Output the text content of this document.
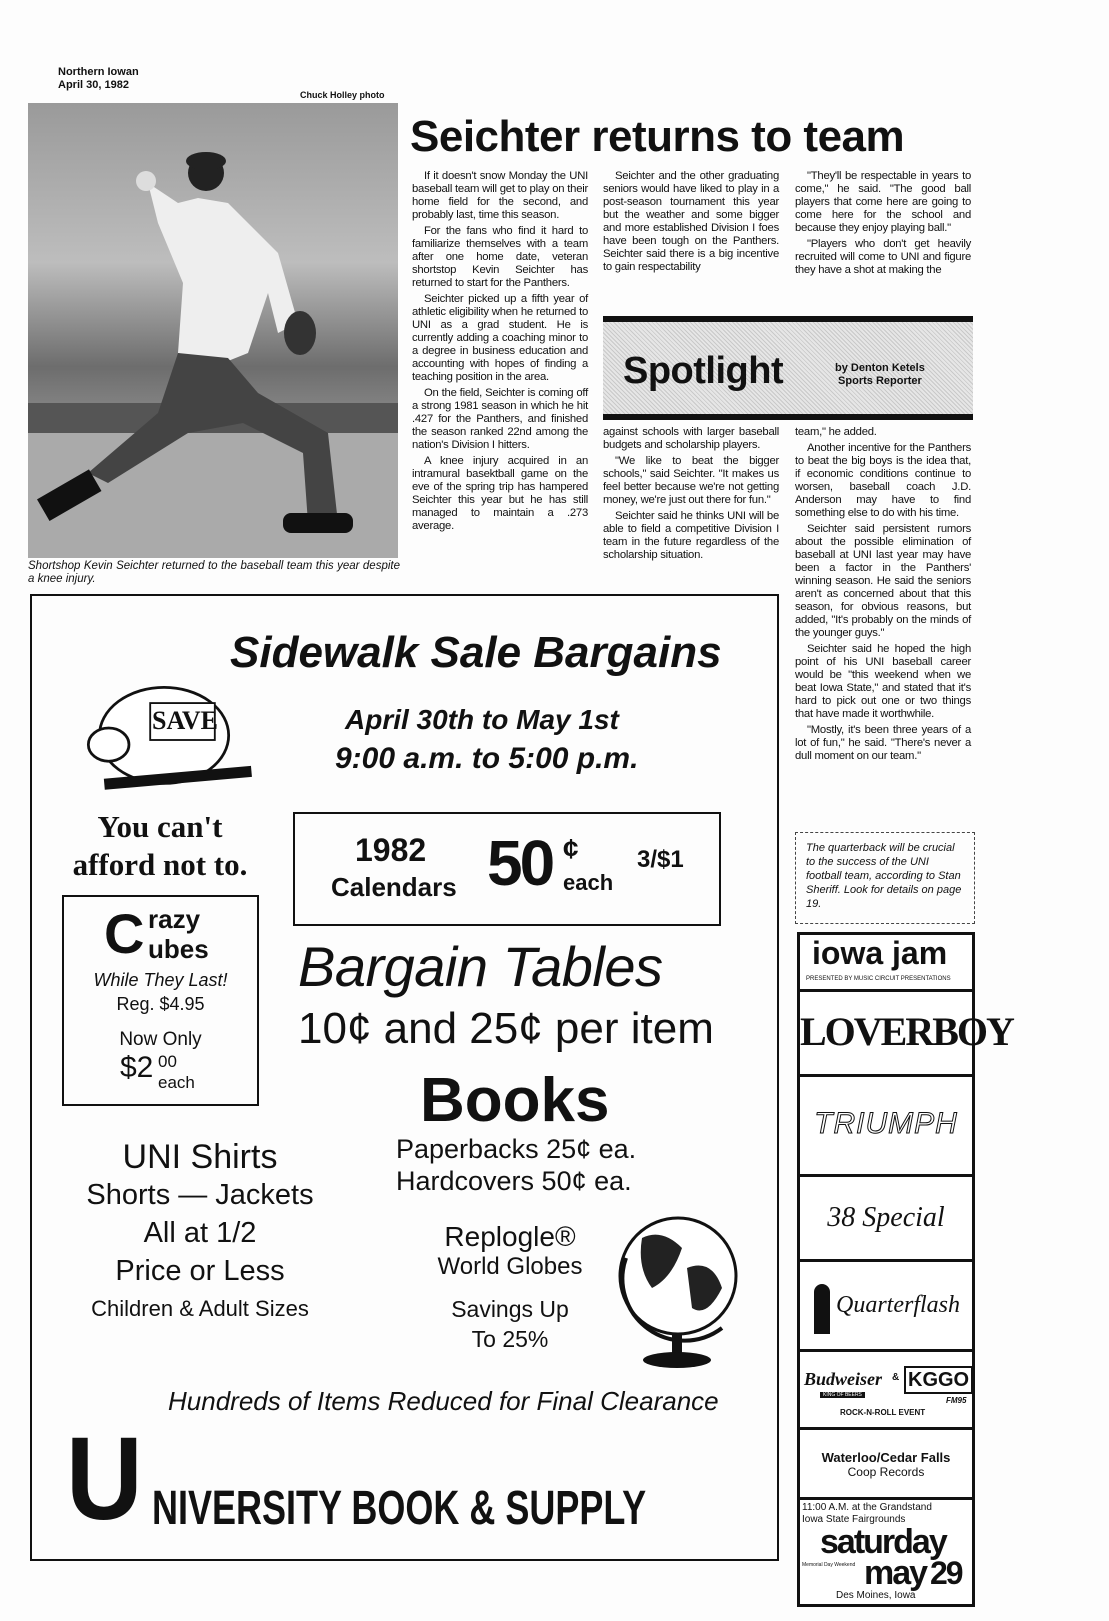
Northern Iowan
April 30, 1982
Chuck Holley photo
Shortshop Kevin Seichter returned to the baseball team this year despite a knee injury.
Seichter returns to team

If it doesn't snow Monday the UNI baseball team will get to play on their home field for the second, and probably last, time this season.

For the fans who find it hard to familiarize themselves with a team after one home date, veteran shortstop Kevin Seichter has returned to start for the Panthers.

Seichter picked up a fifth year of athletic eligibility when he returned to UNI as a grad student. He is currently adding a coaching minor to a degree in business education and accounting with hopes of finding a teaching position in the area.

On the field, Seichter is coming off a strong 1981 season in which he hit .427 for the Panthers, and finished the season ranked 22nd among the nation's Division I hitters.

A knee injury acquired in an intramural basektball game on the eve of the spring trip has hampered Seichter this year but he has still managed to maintain a .273 average.

Seichter and the other graduating seniors would have liked to play in a post-season tournament this year but the weather and some bigger and more established Division I foes have been tough on the Panthers. Seichter said there is a big incentive to gain respectability

"They'll be respectable in years to come," he said. "The good ball players that come here are going to come here for the school and because they enjoy playing ball."

"Players who don't get heavily recruited will come to UNI and figure they have a shot at making the

Spotlight	by Denton Ketels
Sports Reporter

against schools with larger baseball budgets and scholarship players.

"We like to beat the bigger schools," said Seichter. "It makes us feel better because we're not getting money, we're just out there for fun."

Seichter said he thinks UNI will be able to field a competitive Division I team in the future regardless of the scholarship situation.

team," he added.

Another incentive for the Panthers to beat the big boys is the idea that, if economic conditions continue to worsen, baseball coach J.D. Anderson may have to find something else to do with his time.

Seichter said persistent rumors about the possible elimination of baseball at UNI last year may have been a factor in the Panthers' winning season. He said the seniors aren't as concerned about that this season, for obvious reasons, but added, "It's probably on the minds of the younger guys."

Seichter said he hoped the high point of his UNI baseball career would be "this weekend when we beat Iowa State," and stated that it's hard to pick out one or two things that have made it worthwhile.

"Mostly, it's been three years of a lot of fun," he said. "There's never a dull moment on our team."

The quarterback will be crucial to the success of the UNI football team, according to Stan Sheriff. Look for details on page 19.
Sidewalk Sale Bargains
SAVE	April 30th to May 1st
9:00 a.m. to 5:00 p.m.
You can't
afford not to.	1982
Calendars 50 ¢
each
3/$1
C razy
ubes
While They Last!
Reg. $4.95
Now Only
$2 00
each
Bargain Tables
10¢ and 25¢ per item
Books
Paperbacks 25¢ ea.
Hardcovers 50¢ ea.
UNI Shirts
Shorts — Jackets
All at 1/2
Price or Less
Children & Adult Sizes
Replogle®
World Globes
Savings Up
To 25%
Hundreds of Items Reduced for Final Clearance
U NIVERSITY BOOK & SUPPLY
iowa jam
PRESENTED BY MUSIC CIRCUIT PRESENTATIONS
LOVERBOY
TRIUMPH
38 Special
Quarterflash
Budweiser
KING OF BEERS
& KGGO
FM95
ROCK-N-ROLL EVENT
Waterloo/Cedar Falls
Coop Records
11:00 A.M. at the Grandstand
Iowa State Fairgrounds
saturday
Memorial Day Weekend may 29
Des Moines, Iowa
